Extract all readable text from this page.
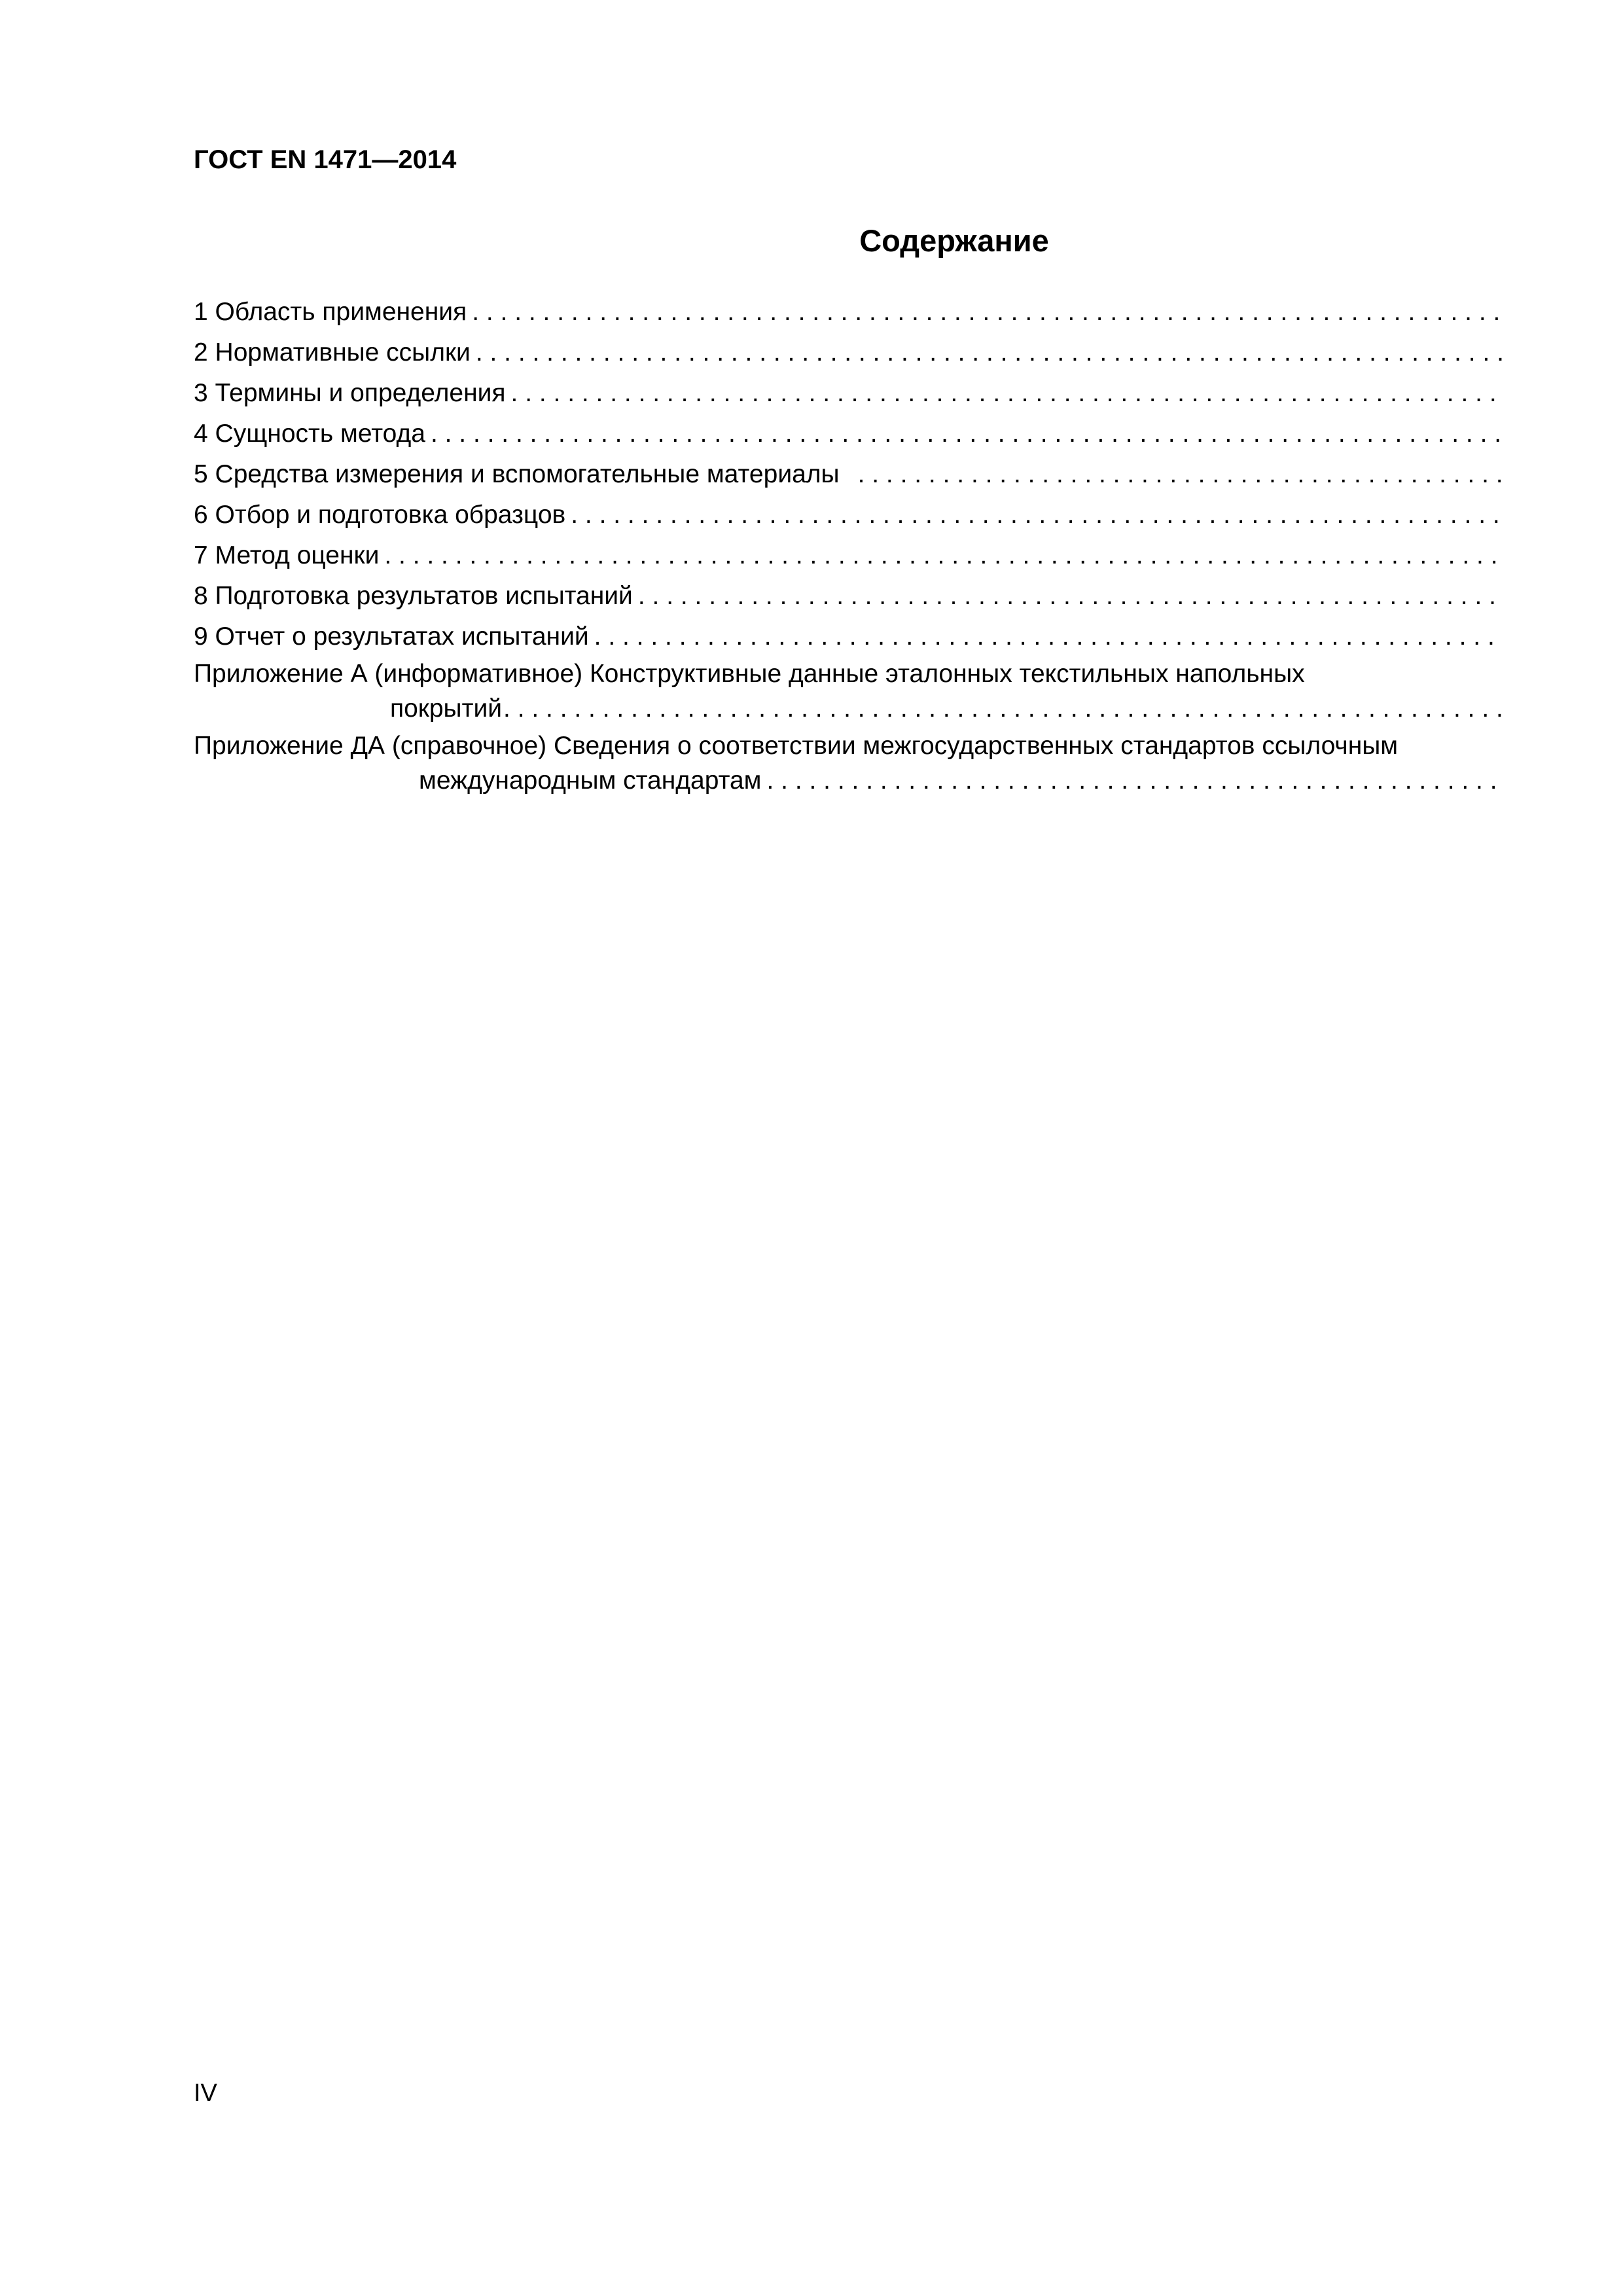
ГОСТ EN 1471—2014
Содержание
1 Область применения
. . .
2 Нормативные ссылки
. . .
3 Термины и определения
. . .
4 Сущность метода
. . .
5 Средства измерения и вспомогательные материалы
. . .
6 Отбор и подготовка образцов
. . .
7 Метод оценки
. . .
8 Подготовка результатов испытаний
. . .
9 Отчет о результатах испытаний
. . .
Приложение А (информативное) Конструктивные данные эталонных текстильных напольных
покрытий
. . .
Приложение ДА (справочное) Сведения о соответствии межгосударственных стандартов ссылочным
международным стандартам
. . .
IV
